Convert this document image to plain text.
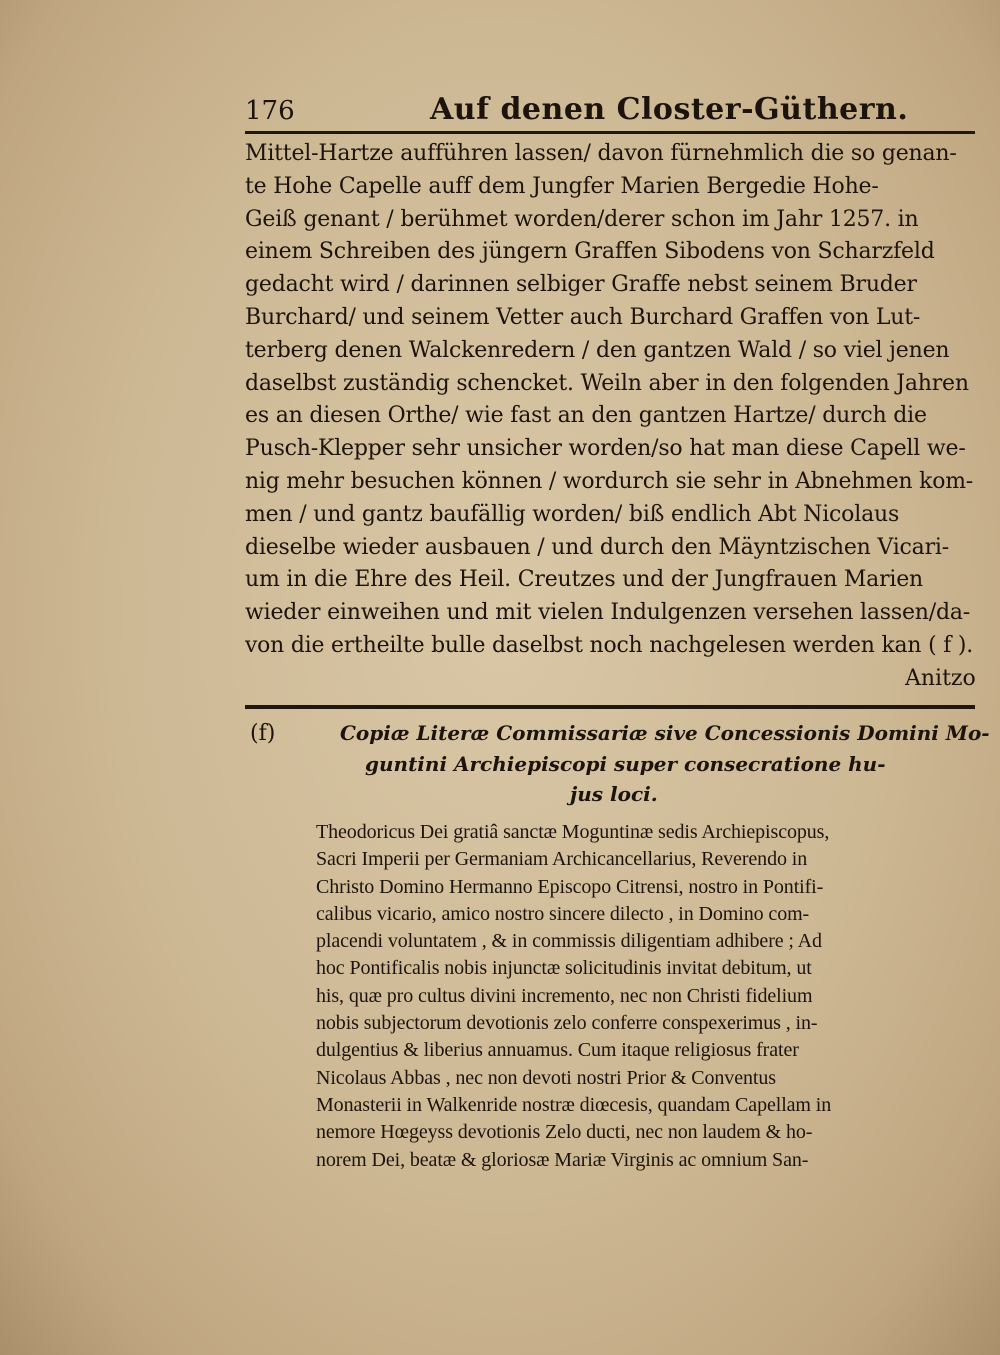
176	Auf denen Closter-Güthern.
Mittel-Hartze aufführen lassen/ davon fürnehmlich die so genan-
te Hohe Capelle auff dem Jungfer Marien Bergedie Hohe-
Geiß genant / berühmet worden/derer schon im Jahr 1257. in
einem Schreiben des jüngern Graffen Sibodens von Scharzfeld
gedacht wird / darinnen selbiger Graffe nebst seinem Bruder
Burchard/ und seinem Vetter auch Burchard Graffen von Lut-
terberg denen Walckenredern / den gantzen Wald / so viel jenen
daselbst zuständig schencket. Weiln aber in den folgenden Jahren
es an diesen Orthe/ wie fast an den gantzen Hartze/ durch die
Pusch-Klepper sehr unsicher worden/so hat man diese Capell we-
nig mehr besuchen können / wordurch sie sehr in Abnehmen kom-
men / und gantz baufällig worden/ biß endlich Abt Nicolaus
dieselbe wieder ausbauen / und durch den Mäyntzischen Vicari-
um in die Ehre des Heil. Creutzes und der Jungfrauen Marien
wieder einweihen und mit vielen Indulgenzen versehen lassen/da-
von die ertheilte bulle daselbst noch nachgelesen werden kan ( f ).
Anitzo
(f)	Copiæ Literæ Commissariæ sive Concessionis Domini Mo-
guntini Archiepiscopi super consecratione hu-
jus loci.
Theodoricus Dei gratiâ sanctæ Moguntinæ sedis Archiepiscopus,
Sacri Imperii per Germaniam Archicancellarius, Reverendo in
Christo Domino Hermanno Episcopo Citrensi, nostro in Pontifi-
calibus vicario, amico nostro sincere dilecto , in Domino com-
placendi voluntatem , & in commissis diligentiam adhibere ; Ad
hoc Pontificalis nobis injunctæ solicitudinis invitat debitum, ut
his, quæ pro cultus divini incremento, nec non Christi fidelium
nobis subjectorum devotionis zelo conferre conspexerimus , in-
dulgentius & liberius annuamus. Cum itaque religiosus frater
Nicolaus Abbas , nec non devoti nostri Prior & Conventus
Monasterii in Walkenride nostræ diœcesis, quandam Capellam in
nemore Hœgeyss devotionis Zelo ducti, nec non laudem & ho-
norem Dei, beatæ & gloriosæ Mariæ Virginis ac omnium San-
